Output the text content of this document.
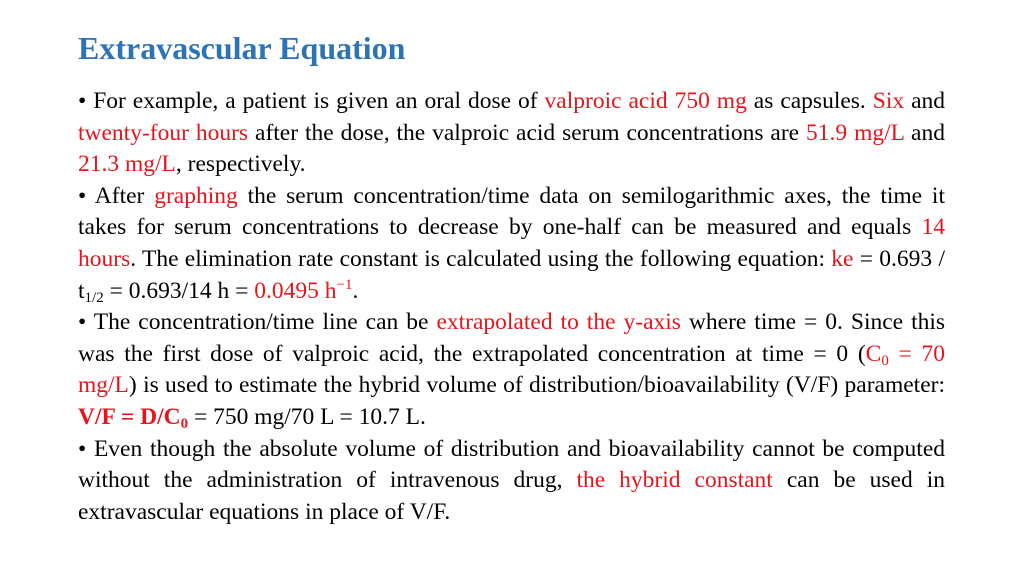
Extravascular Equation

• For example, a patient is given an oral dose of valproic acid 750 mg as capsules. Six and twenty-four hours after the dose, the valproic acid serum concentrations are 51.9 mg/L and 21.3 mg/L, respectively.

• After graphing the serum concentration/time data on semilogarithmic axes, the time it takes for serum concentrations to decrease by one-half can be measured and equals 14 hours. The elimination rate constant is calculated using the following equation: ke = $0.693 / t_{1/2} = 0.693/14$ h = 0.0495 $h^{-1}$.

• The concentration/time line can be extrapolated to the y-axis where time = 0. Since this was the first dose of valproic acid, the extrapolated concentration at time = 0 ($C_0 = 70$ mg/L) is used to estimate the hybrid volume of distribution/bioavailability (V/F) parameter: $V/F = D/C_0 = 750$ mg/70 L = 10.7 L.

• Even though the absolute volume of distribution and bioavailability cannot be computed without the administration of intravenous drug, the hybrid constant can be used in extravascular equations in place of V/F.
